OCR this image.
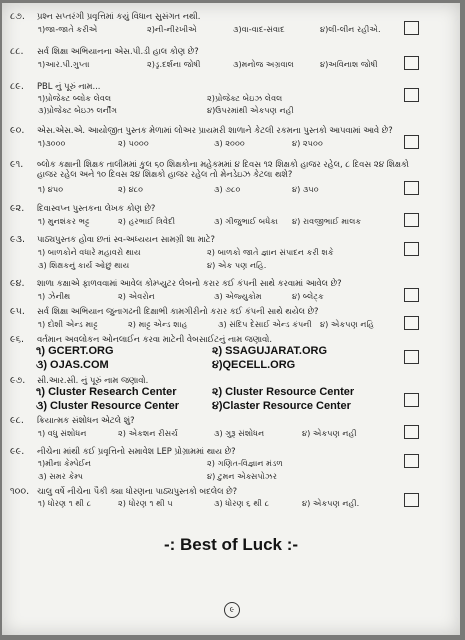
૮૭. પ્રશ્ન સપ્તરંગી પ્રવૃત્તિમાં કયું વિધાન સુસંગત નથી.
૧)જા-જાતે કરીએ	૨)ની-નીરખીએ	૩)વા-વાદ-સંવાદ	૪)લી-લીન રહીએ.
૮૮. સર્વ શિક્ષા અભિયાનના એસ.પી.ડી હાલ કોણ છે?
૧)આર.પી.ગુપ્તા	૨)ડૃ.દર્શના જોષી	૩)મનોજ અગ્રવાલ	૪)અવિનાશ જોષી
૮૯. PBL નું પૂરું નામ...
૧)પ્રોજેક્ટ બ્લોક લેવલ	૨)પ્રોજેક્ટ બેઇઝ લેવલ
૩)પ્રોજેક્ટ બેઇઝ લર્નીંગ	૪)ઉપરમાંથી એકપણ નહી
૯૦. એસ.એસ.એ. આયોજીત પુસ્તક મેળામાં લોઅર પ્રાયમરી શાળાને કેટલી રકમના પુસ્તકો આપવામાં આવે છે?
૧)૩૦૦૦	૨) ૫૦૦૦	૩) ૨૦૦૦	૪) ૨૫૦૦
૯૧. બ્લોક કક્ષાની શિક્ષક તાલીમમાં કુલ ૬૦ શિક્ષકોના મહેકમમાં ૪ દિવસ ૧૨ શિક્ષકો હાજર રહેલ, ૮ દિવસ ૨૪ શિક્ષકો
હાજર રહેલ અને ૧૦ દિવસ ૨૪ શિક્ષકો હાજર રહેલ તો મેનડેઇઝ કેટલા થશે?
૧) ૪૫૦	૨) ૪૮૦	૩) ૭૮૦	૪) ૩૫૦
૯૨. દિવાસ્વપ્ન પુસ્તકના લેખક કોણ છે?
૧) મુનશંકર ભટ્ટ	૨) હરભાઈ ત્રિવેદી	૩) ગીજુભાઈ બધેકા ૪) રાવજીભાઈ માલક
૯૩. પાઠ્યપુસ્તક હોવા છતાં સ્વ-અધ્યયન સામગ્રી શા માટે?
૧) બાળકોને વધારે મહાવરો થાય	૨) બાળકો જાતે જ્ઞાન સંપાદન કરી શકે
૩) શિક્ષકનું કાર્ય ઓછું થાય	૪) એક પણ નહિ.
૯૪. શાળા કક્ષાએ ફાળવવામાં આવેલ કોમ્પ્યુટર લેબનો કરાર કઈ કંપની સાથે કરવામાં આવેલ છે?
૧) ઝેનીથ	૨) એવરોન	૩) એજ્યુકોમ	૪) બ્લેટ્ક
૯૫. સર્વ શિક્ષા અભિયાન જુનાગઢની દિક્ષાભી કામગીરીનો કરાર કઈ કંપની સાથે થયેલ છે?
૧) દોશી એન્ડ માટ્ટ	૨) માટ્ટ એન્ડ શાહ	૩) સંદિપ દેસાઈ એન્ડ કંપની ૪) એકપણ નહિ
૯૬. વર્તમાન અવલોકન ઓનલાઈન કરવા માટેની વેબસાઈટનું નામ જણાવો.
૧) GCERT.ORG	૨) SSAGUJARAT.ORG
૩) OJAS.COM	૪)QECELL.ORG
૯૭. સી.આર.સી. નું પૂરું નામ જણાવો.
૧) Cluster Research Center	૨) Cluster Resource Center
૩) Cluster Resource Center	૪)Claster Resource Center
૯૮. ક્રિયાત્મક સંશોધન એટલે શું?
૧) વધુ સંશોધન	૨) એકશન રીસર્ચ	૩) ગુરૂ સંશોધન	૪) એકપણ નહી
૯૯. નીચેના માંથી કઈ પ્રવૃત્તિનો સમાવેશ LEP પ્રોગ્રામમાં થાય છે?
૧)મીના કેમ્પેઈન	૨) ગણિત-વિજ્ઞાન મંડળ
૩) સમર કેમ્પ	૪) ટુમન એક્સપોઝર
૧૦૦. ચાલુ વર્ષે નીચેના પૈકી ક્યા ધોરણના પાઠ્યપુસ્તકો બદલેલ છે?
૧) ધોરણ ૧ થી ૮	૨) ધોરણ ૧ થી ૫	૩) ધોરણ ૬ થી ૮	૪) એકપણ નહી.
-: Best of Luck :-
૯
